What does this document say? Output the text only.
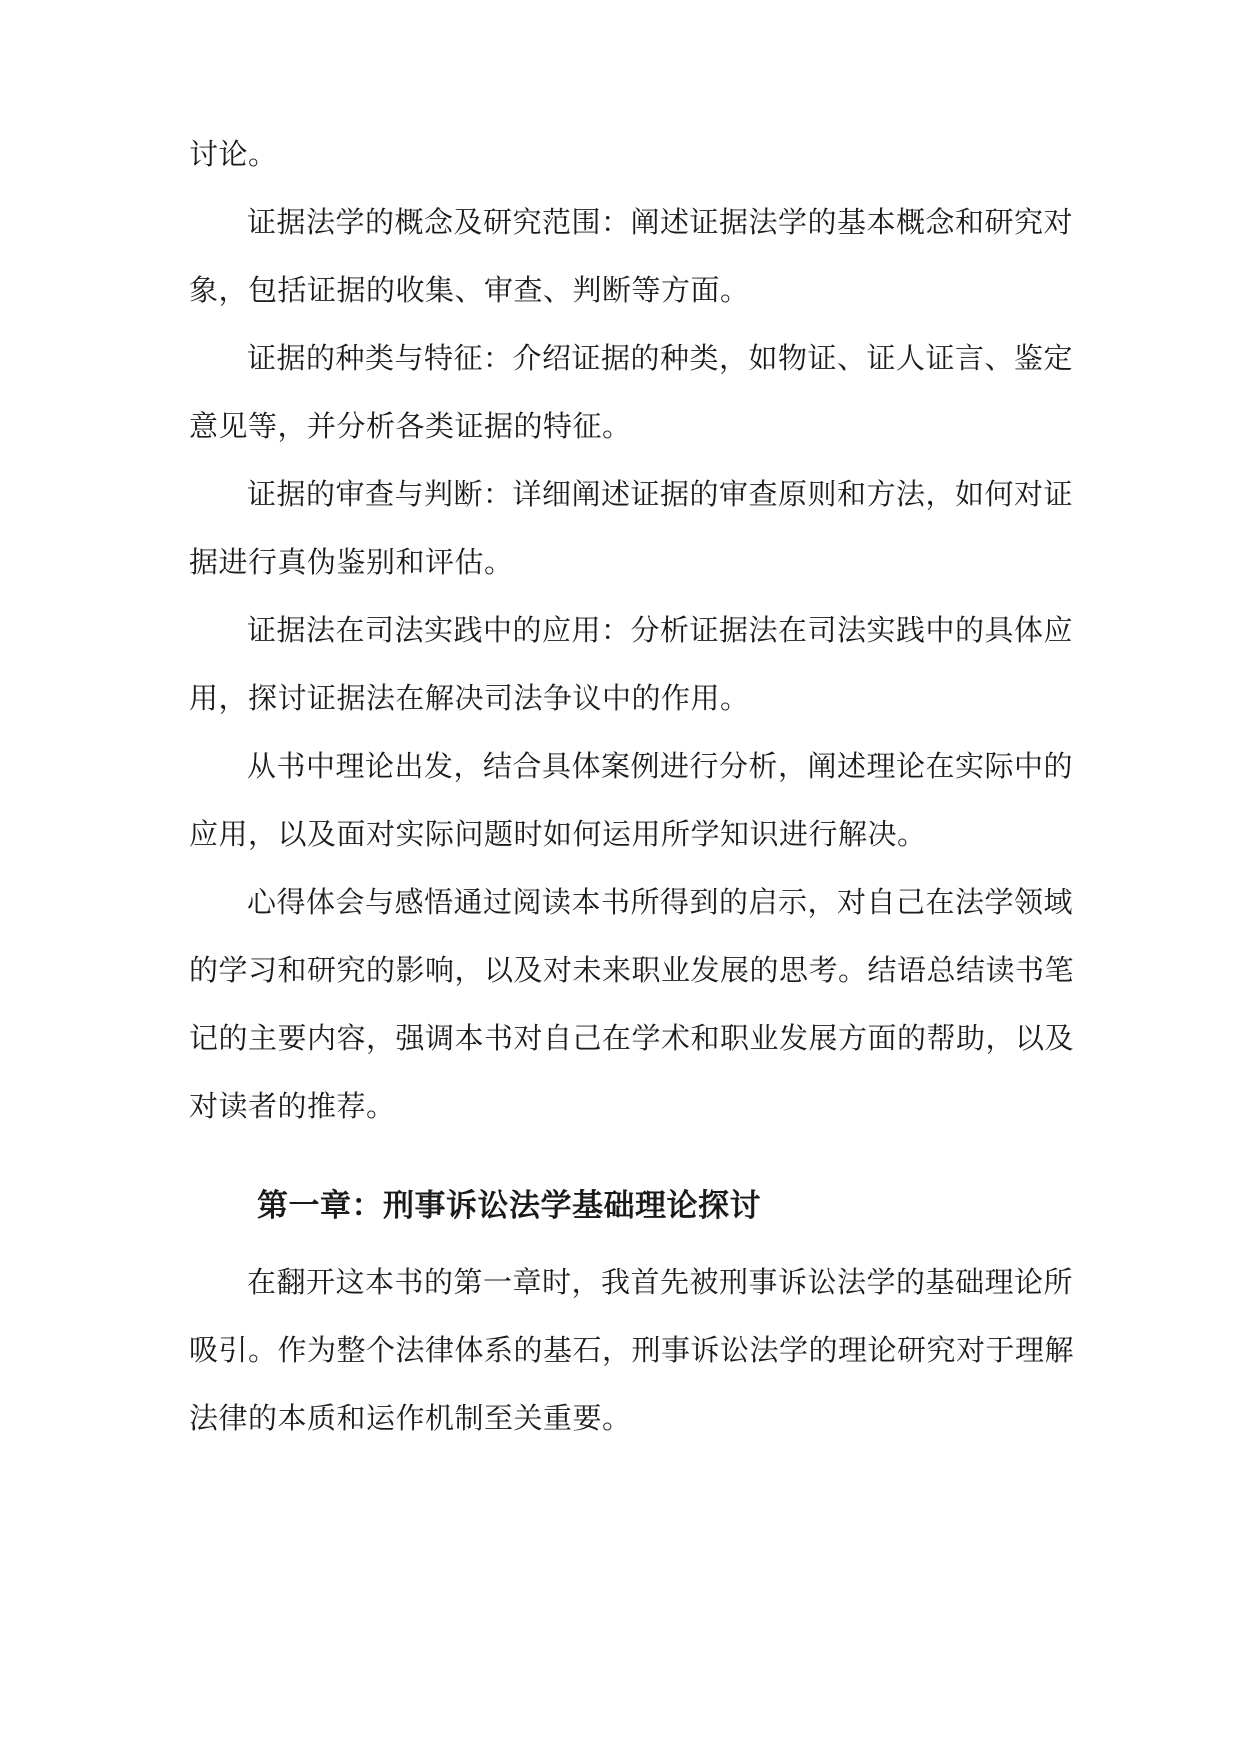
讨论。
证据法学的概念及研究范围：阐述证据法学的基本概念和研究对
象，包括证据的收集、审查、判断等方面。
证据的种类与特征：介绍证据的种类，如物证、证人证言、鉴定
意见等，并分析各类证据的特征。
证据的审查与判断：详细阐述证据的审查原则和方法，如何对证
据进行真伪鉴别和评估。
证据法在司法实践中的应用：分析证据法在司法实践中的具体应
用，探讨证据法在解决司法争议中的作用。
从书中理论出发，结合具体案例进行分析，阐述理论在实际中的
应用，以及面对实际问题时如何运用所学知识进行解决。
心得体会与感悟通过阅读本书所得到的启示，对自己在法学领域
的学习和研究的影响，以及对未来职业发展的思考。结语总结读书笔
记的主要内容，强调本书对自己在学术和职业发展方面的帮助，以及
对读者的推荐。
第一章：刑事诉讼法学基础理论探讨
在翻开这本书的第一章时，我首先被刑事诉讼法学的基础理论所
吸引。作为整个法律体系的基石，刑事诉讼法学的理论研究对于理解
法律的本质和运作机制至关重要。
